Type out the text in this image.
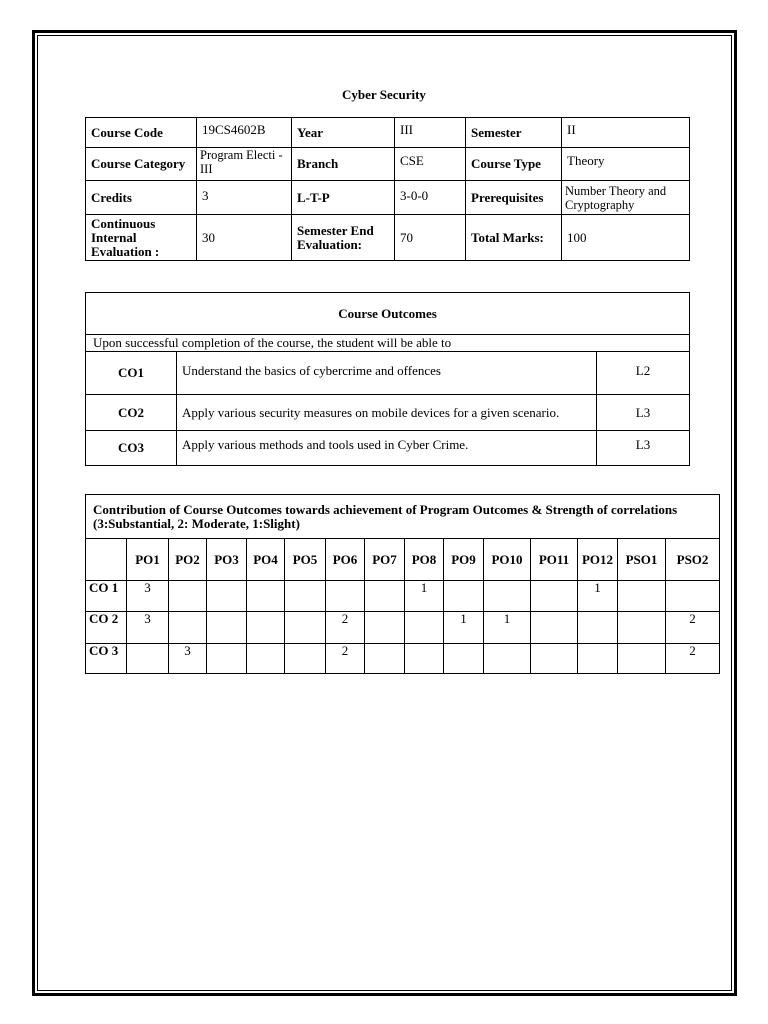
Cyber Security
Course Code	19CS4602B	Year	III	Semester	II
Course Category	Program Electi - III	Branch	CSE	Course Type	Theory
Credits	3	L-T-P	3-0-0	Prerequisites	Number Theory and Cryptography
Continuous Internal Evaluation :	30	Semester End Evaluation:	70	Total Marks:	100
Course Outcomes		
Upon successful completion of the course, the student will be able to		
CO1	Understand the basics of cybercrime and offences	L2
CO2	Apply various security measures on mobile devices for a given scenario.	L3
CO3	Apply various methods and tools used in Cyber Crime.	L3
Contribution of Course Outcomes towards achievement of Program Outcomes & Strength of correlations (3:Substantial, 2: Moderate, 1:Slight)														
	PO1	PO2	PO3	PO4	PO5	PO6	PO7	PO8	PO9	PO10	PO11	PO12	PSO1	PSO2
CO 1	3							1				1		
CO 2	3					2			1	1				2
CO 3		3				2								2
